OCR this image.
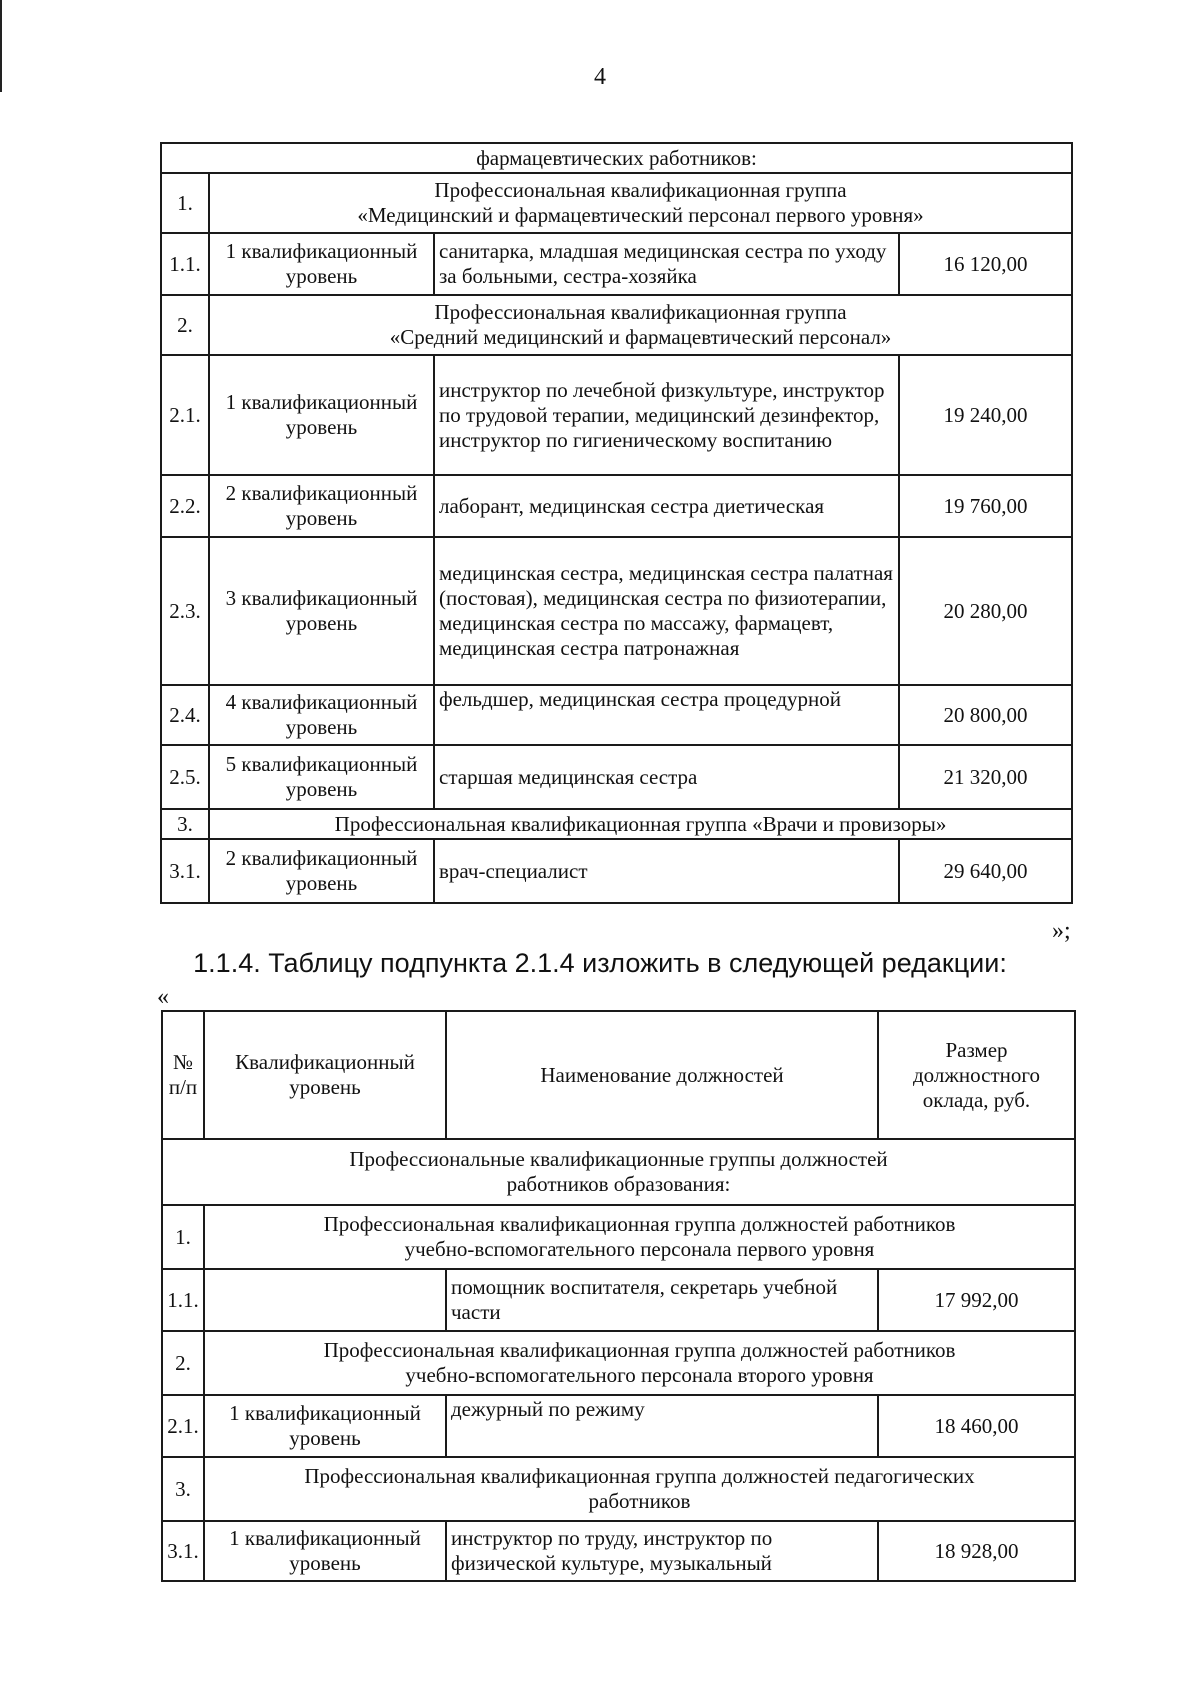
4
фармацевтических работников:			
1.	Профессиональная квалификационная группа
«Медицинский и фармацевтический персонал первого уровня»		

1.1.	1 квалификационный уровень	санитарка, младшая медицинская сестра по уходу за больными, сестра-хозяйка	16 120,00
2.	Профессиональная квалификационная группа
«Средний медицинский и фармацевтический персонал»		

2.1.	1 квалификационный уровень	инструктор по лечебной физкультуре, инструктор по трудовой терапии, медицинский дезинфектор, инструктор по гигиеническому воспитанию	19 240,00
2.2.	2 квалификационный уровень	лаборант, медицинская сестра диетическая	19 760,00
2.3.	3 квалификационный уровень	медицинская сестра, медицинская сестра палатная (постовая), медицинская сестра по физиотерапии, медицинская сестра по массажу, фармацевт, медицинская сестра патронажная	20 280,00
2.4.	4 квалификационный уровень	фельдшер, медицинская сестра процедурной	20 800,00
2.5.	5 квалификационный уровень	старшая медицинская сестра	21 320,00
3.	Профессиональная квалификационная группа «Врачи и провизоры»		
3.1.	2 квалификационный уровень	врач-специалист	29 640,00
»;
1.1.4. Таблицу подпункта 2.1.4 изложить в следующей редакции:
«
№ п/п	Квалификационный уровень	Наименование должностей	Размер должностного оклада, руб.

Профессиональные квалификационные группы должностей
работников образования:			

1.	Профессиональная квалификационная группа должностей работников
учебно-вспомогательного персонала первого уровня		

1.1.		помощник воспитателя, секретарь учебной части	17 992,00
2.	Профессиональная квалификационная группа должностей работников
учебно-вспомогательного персонала второго уровня		

2.1.	1 квалификационный уровень	дежурный по режиму	18 460,00
3.	Профессиональная квалификационная группа должностей педагогических
работников		

3.1.	1 квалификационный уровень	инструктор по труду, инструктор по физической культуре, музыкальный	18 928,00
